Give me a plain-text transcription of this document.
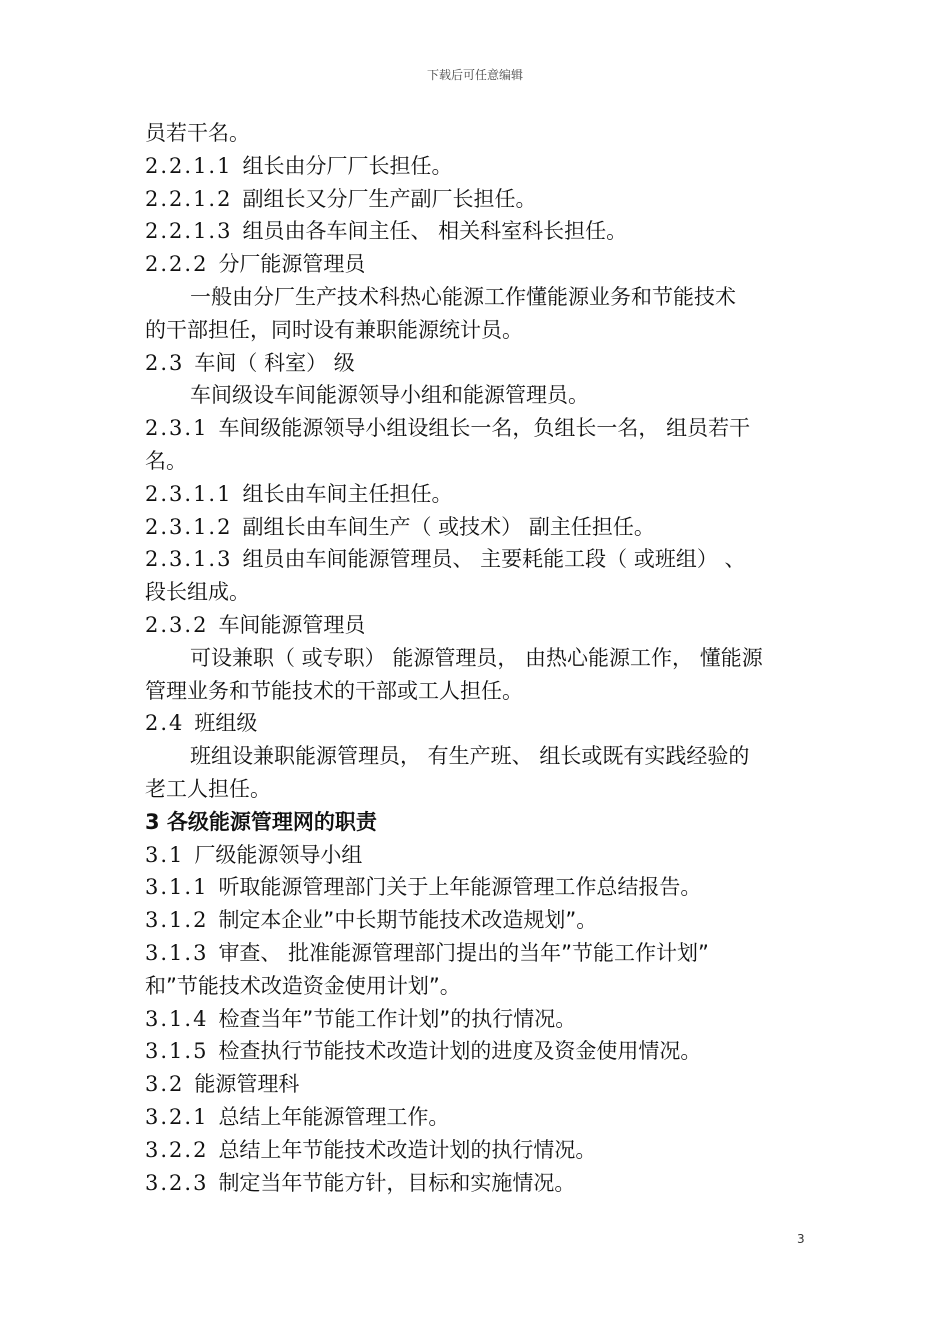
下载后可任意编辑
员若干名。
2.2.1.1 组长由分厂厂长担任。
2.2.1.2 副组长又分厂生产副厂长担任。
2.2.1.3 组员由各车间主任、 相关科室科长担任。
2.2.2 分厂能源管理员
一般由分厂生产技术科热心能源工作懂能源业务和节能技术
的干部担任，同时设有兼职能源统计员。
2.3 车间（ 科室） 级
车间级设车间能源领导小组和能源管理员。
2.3.1 车间级能源领导小组设组长一名，负组长一名， 组员若干
名。
2.3.1.1 组长由车间主任担任。
2.3.1.2 副组长由车间生产（ 或技术） 副主任担任。
2.3.1.3 组员由车间能源管理员、 主要耗能工段（ 或班组） 、
段长组成。
2.3.2 车间能源管理员
可设兼职（ 或专职） 能源管理员， 由热心能源工作， 懂能源
管理业务和节能技术的干部或工人担任。
2.4 班组级
班组设兼职能源管理员， 有生产班、 组长或既有实践经验的
老工人担任。
3 各级能源管理网的职责
3.1 厂级能源领导小组
3.1.1 听取能源管理部门关于上年能源管理工作总结报告。
3.1.2 制定本企业”中长期节能技术改造规划”。
3.1.3 审查、 批准能源管理部门提出的当年”节能工作计划”
和”节能技术改造资金使用计划”。
3.1.4 检查当年”节能工作计划”的执行情况。
3.1.5 检查执行节能技术改造计划的进度及资金使用情况。
3.2 能源管理科
3.2.1 总结上年能源管理工作。
3.2.2 总结上年节能技术改造计划的执行情况。
3.2.3 制定当年节能方针，目标和实施情况。
3
